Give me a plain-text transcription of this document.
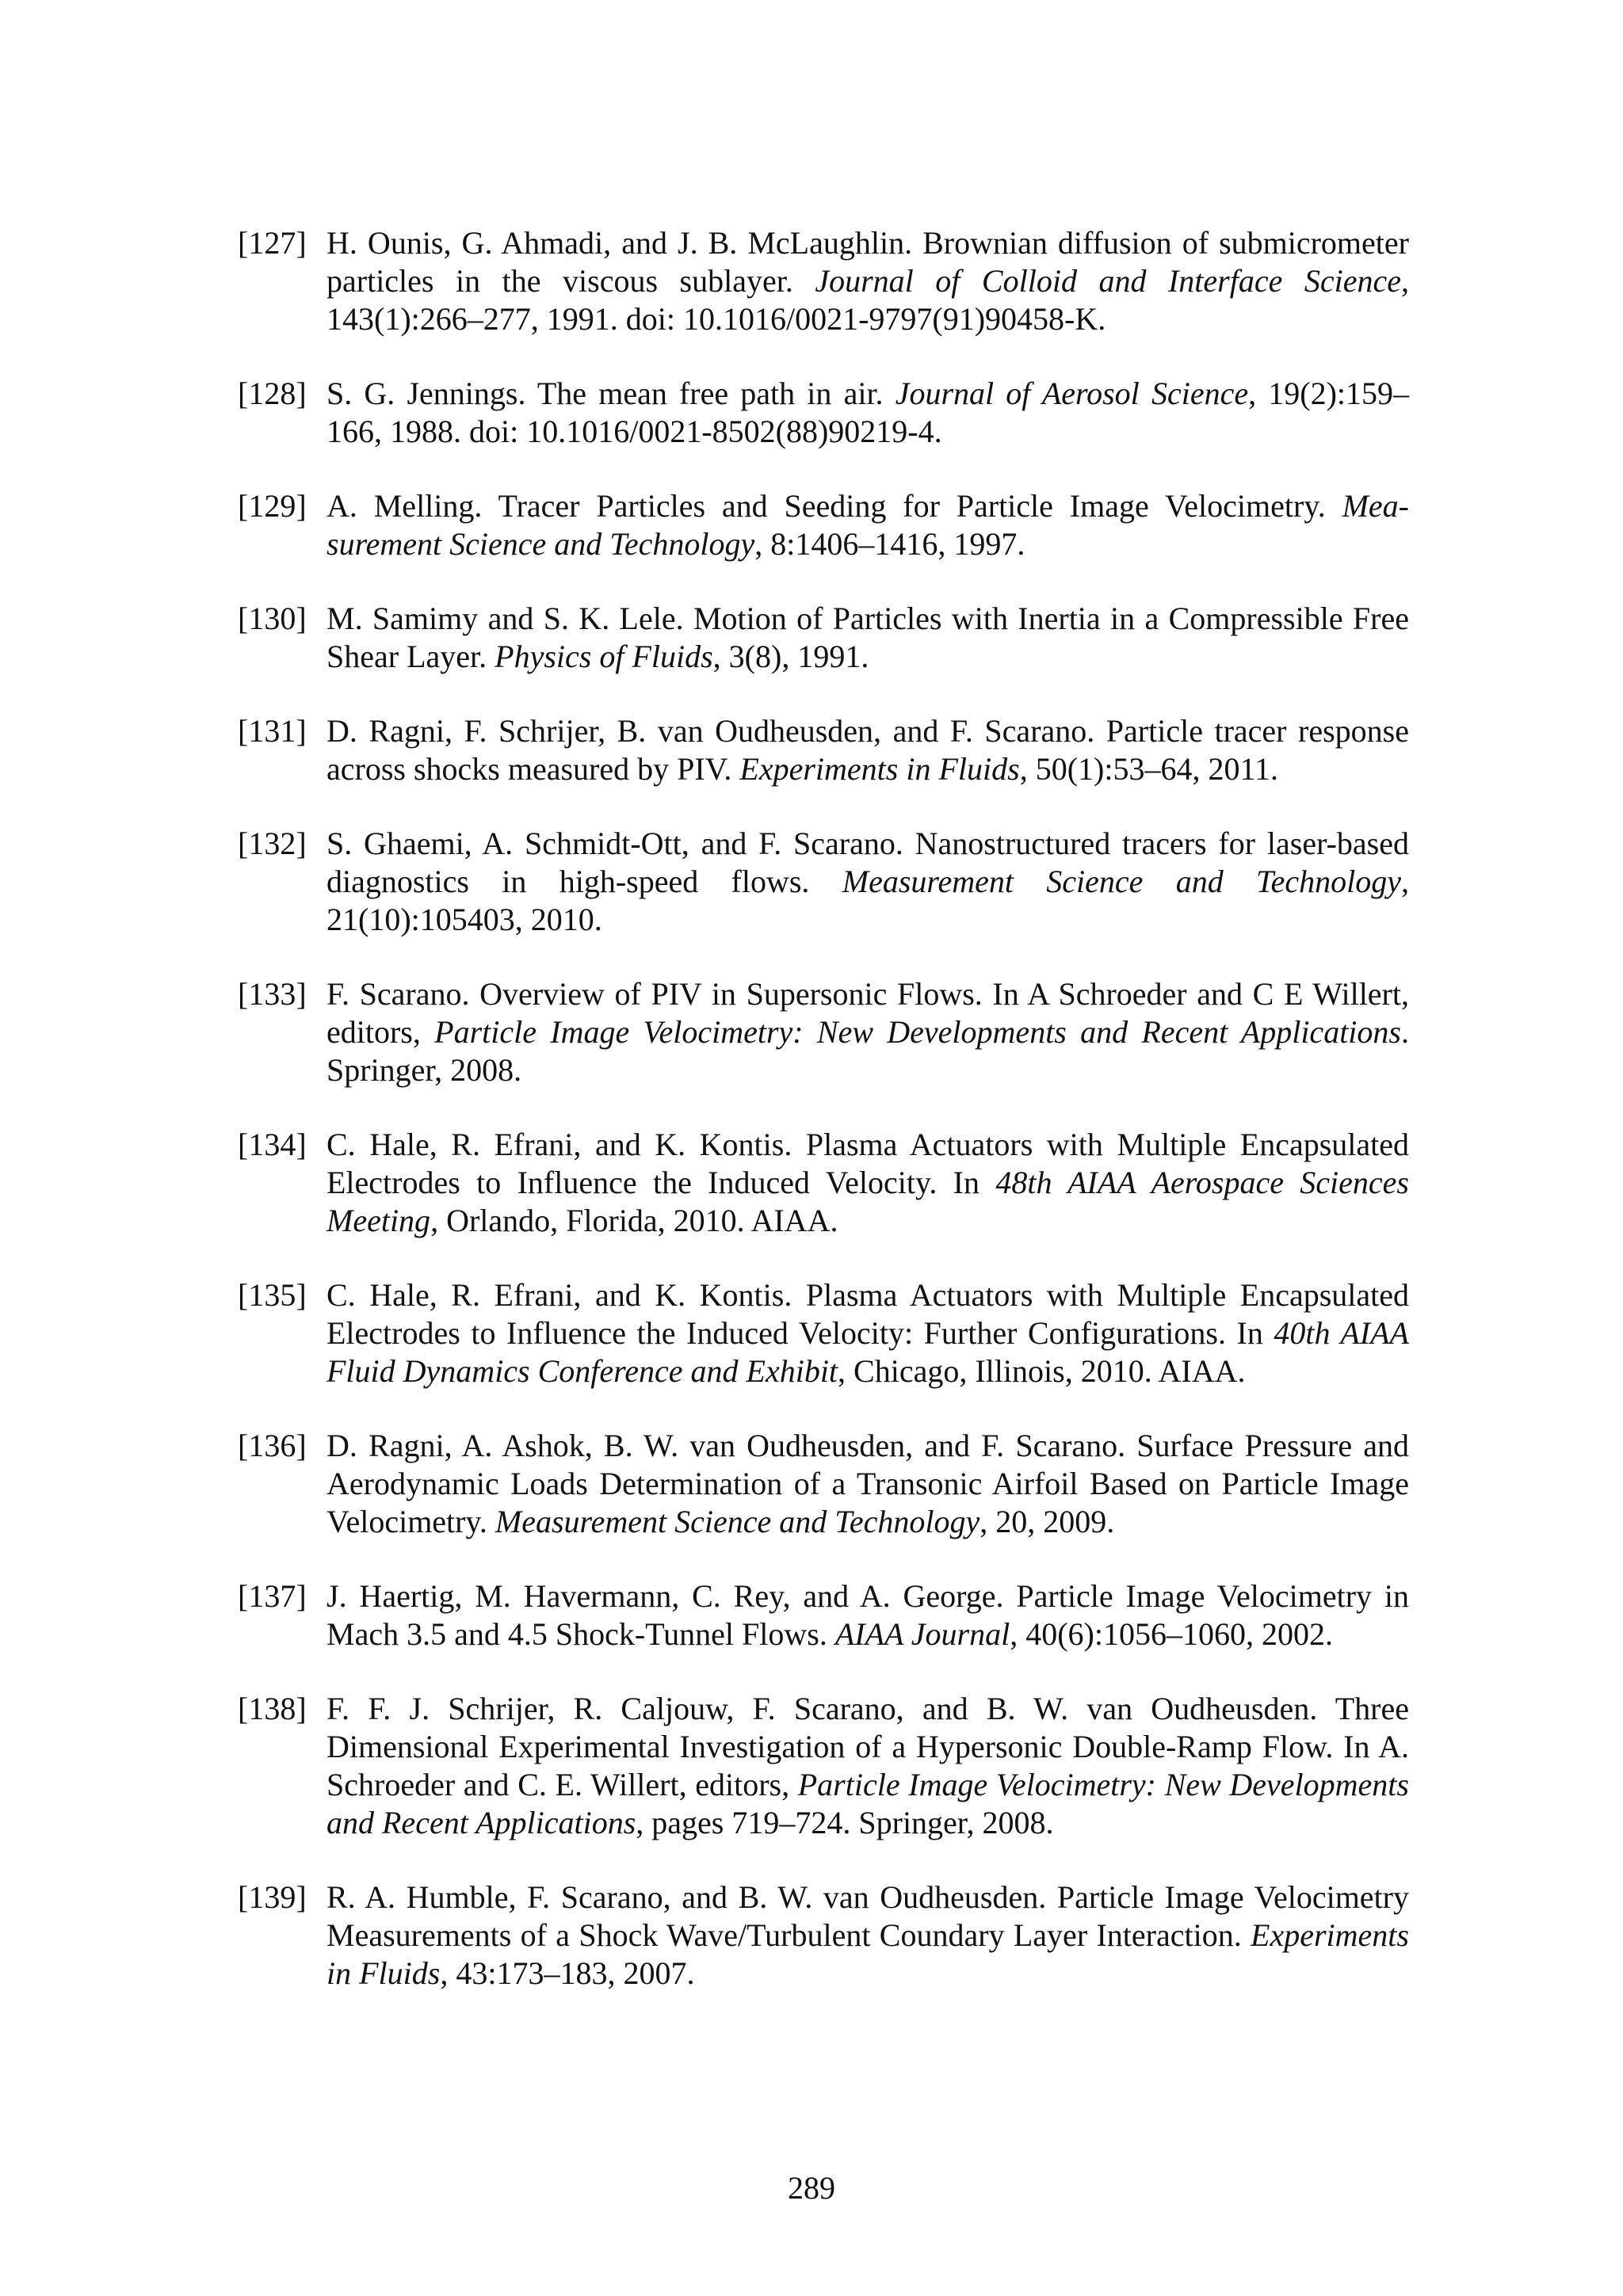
[127] H. Ounis, G. Ahmadi, and J. B. McLaughlin. Brownian diffusion of submicrometer particles in the viscous sublayer. Journal of Colloid and Interface Science, 143(1):266–277, 1991. doi: 10.1016/0021-9797(91)90458-K.
[128] S. G. Jennings. The mean free path in air. Journal of Aerosol Science, 19(2):159–166, 1988. doi: 10.1016/0021-8502(88)90219-4.
[129] A. Melling. Tracer Particles and Seeding for Particle Image Velocimetry. Measurement Science and Technology, 8:1406–1416, 1997.
[130] M. Samimy and S. K. Lele. Motion of Particles with Inertia in a Compressible Free Shear Layer. Physics of Fluids, 3(8), 1991.
[131] D. Ragni, F. Schrijer, B. van Oudheusden, and F. Scarano. Particle tracer response across shocks measured by PIV. Experiments in Fluids, 50(1):53–64, 2011.
[132] S. Ghaemi, A. Schmidt-Ott, and F. Scarano. Nanostructured tracers for laser-based diagnostics in high-speed flows. Measurement Science and Technology, 21(10):105403, 2010.
[133] F. Scarano. Overview of PIV in Supersonic Flows. In A Schroeder and C E Willert, editors, Particle Image Velocimetry: New Developments and Recent Applications. Springer, 2008.
[134] C. Hale, R. Efrani, and K. Kontis. Plasma Actuators with Multiple Encapsulated Electrodes to Influence the Induced Velocity. In 48th AIAA Aerospace Sciences Meeting, Orlando, Florida, 2010. AIAA.
[135] C. Hale, R. Efrani, and K. Kontis. Plasma Actuators with Multiple Encapsulated Electrodes to Influence the Induced Velocity: Further Configurations. In 40th AIAA Fluid Dynamics Conference and Exhibit, Chicago, Illinois, 2010. AIAA.
[136] D. Ragni, A. Ashok, B. W. van Oudheusden, and F. Scarano. Surface Pressure and Aerodynamic Loads Determination of a Transonic Airfoil Based on Particle Image Velocimetry. Measurement Science and Technology, 20, 2009.
[137] J. Haertig, M. Havermann, C. Rey, and A. George. Particle Image Velocimetry in Mach 3.5 and 4.5 Shock-Tunnel Flows. AIAA Journal, 40(6):1056–1060, 2002.
[138] F. F. J. Schrijer, R. Caljouw, F. Scarano, and B. W. van Oudheusden. Three Dimensional Experimental Investigation of a Hypersonic Double-Ramp Flow. In A. Schroeder and C. E. Willert, editors, Particle Image Velocimetry: New Developments and Recent Applications, pages 719–724. Springer, 2008.
[139] R. A. Humble, F. Scarano, and B. W. van Oudheusden. Particle Image Velocimetry Measurements of a Shock Wave/Turbulent Coundary Layer Interaction. Experiments in Fluids, 43:173–183, 2007.
289
